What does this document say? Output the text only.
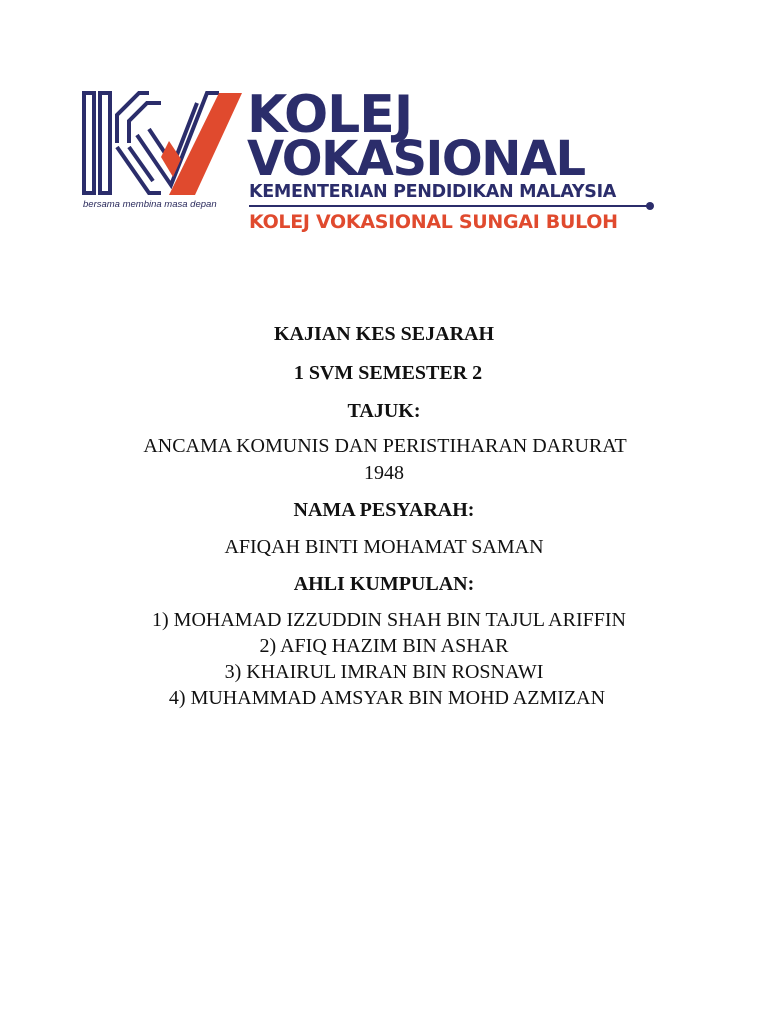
bersama membina masa depan
KOLEJ
VOKASIONAL
KEMENTERIAN PENDIDIKAN MALAYSIA
KOLEJ VOKASIONAL SUNGAI BULOH
KAJIAN KES SEJARAH
1 SVM SEMESTER 2
TAJUK:
ANCAMA KOMUNIS DAN PERISTIHARAN DARURAT
1948
NAMA PESYARAH:
AFIQAH BINTI MOHAMAT SAMAN
AHLI KUMPULAN:
1) MOHAMAD IZZUDDIN SHAH BIN TAJUL ARIFFIN
2) AFIQ HAZIM BIN ASHAR
3) KHAIRUL IMRAN BIN ROSNAWI
4) MUHAMMAD AMSYAR BIN MOHD AZMIZAN
